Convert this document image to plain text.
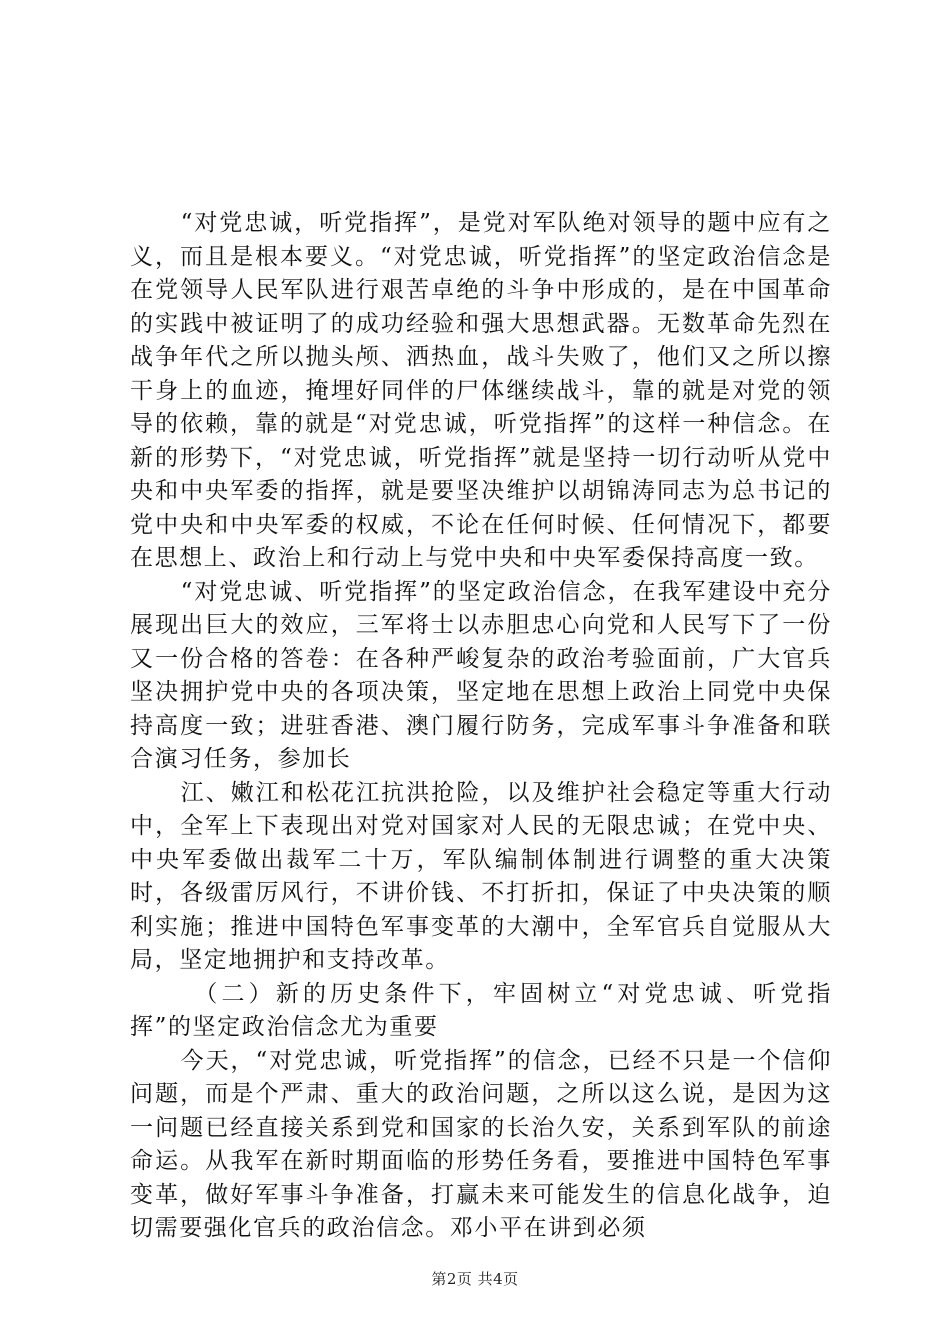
“对党忠诚，听党指挥”，是党对军队绝对领导的题中应有之义，而且是根本要义。“对党忠诚，听党指挥”的坚定政治信念是在党领导人民军队进行艰苦卓绝的斗争中形成的，是在中国革命的实践中被证明了的成功经验和强大思想武器。无数革命先烈在战争年代之所以抛头颅、洒热血，战斗失败了，他们又之所以擦干身上的血迹，掩埋好同伴的尸体继续战斗，靠的就是对党的领导的依赖，靠的就是“对党忠诚，听党指挥”的这样一种信念。在新的形势下，“对党忠诚，听党指挥”就是坚持一切行动听从党中央和中央军委的指挥，就是要坚决维护以胡锦涛同志为总书记的党中央和中央军委的权威，不论在任何时候、任何情况下，都要在思想上、政治上和行动上与党中央和中央军委保持高度一致。

“对党忠诚、听党指挥”的坚定政治信念，在我军建设中充分展现出巨大的效应，三军将士以赤胆忠心向党和人民写下了一份又一份合格的答卷：在各种严峻复杂的政治考验面前，广大官兵坚决拥护党中央的各项决策，坚定地在思想上政治上同党中央保持高度一致；进驻香港、澳门履行防务，完成军事斗争准备和联合演习任务，参加长

江、嫩江和松花江抗洪抢险，以及维护社会稳定等重大行动中，全军上下表现出对党对国家对人民的无限忠诚；在党中央、中央军委做出裁军二十万，军队编制体制进行调整的重大决策时，各级雷厉风行，不讲价钱、不打折扣，保证了中央决策的顺利实施；推进中国特色军事变革的大潮中，全军官兵自觉服从大局，坚定地拥护和支持改革。

（二）新的历史条件下，牢固树立“对党忠诚、听党指挥”的坚定政治信念尤为重要

今天，“对党忠诚，听党指挥”的信念，已经不只是一个信仰问题，而是个严肃、重大的政治问题，之所以这么说，是因为这一问题已经直接关系到党和国家的长治久安，关系到军队的前途命运。从我军在新时期面临的形势任务看，要推进中国特色军事变革，做好军事斗争准备，打赢未来可能发生的信息化战争，迫切需要强化官兵的政治信念。邓小平在讲到必须

第2页 共4页
